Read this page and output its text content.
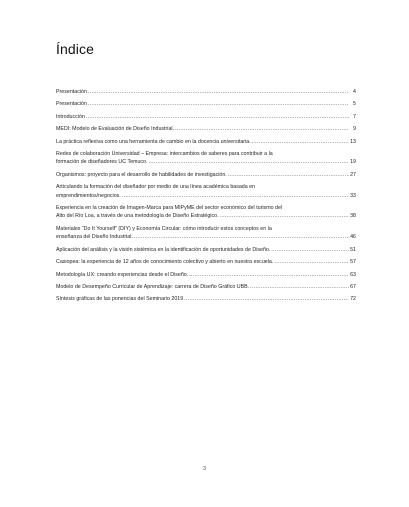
Índice
Presentación .....	4
Presentación .....	5
Introducción .....	7
MEDI: Modelo de Evaluación de Diseño Industrial. .....	9
La práctica reflexiva como una herramienta de cambio en la docencia universitaria. .....	13
Redes de colaboración Universidad – Empresa: intercambios de saberes para contribuir a la
formación de diseñadores UC Temuco. .....	19
Organismos: proyecto para el desarrollo de habilidades de investigación. .....	27
Articulando la formación del diseñador por medio de una línea académica basada en
emprendimientos/negocios. .....	33
Experiencia en la creación de Imagen-Marca para MIPyME del sector económico del turismo del
Alto del Río Loa, a través de una metodología de Diseño Estratégico. .....	38
Materiales “Do It Yourself” (DIY) y Economía Circular: cómo introducir estos conceptos en la
enseñanza del Diseño Industrial. .....	46
Aplicación del análisis y la visión sistémica en la identificación de oportunidades de Diseño. .....	51
Casiopea: la experiencia de 12 años de conocimiento colectivo y abierto en nuestra escuela. .....	57
Metodología UX: creando experiencias desde el Diseño. .....	63
Modelo de Desempeño Curricular de Aprendizaje: carrera de Diseño Gráfico UBB. .....	67
Síntesis gráficas de las ponencias del Seminario 2019 .....	72
3
